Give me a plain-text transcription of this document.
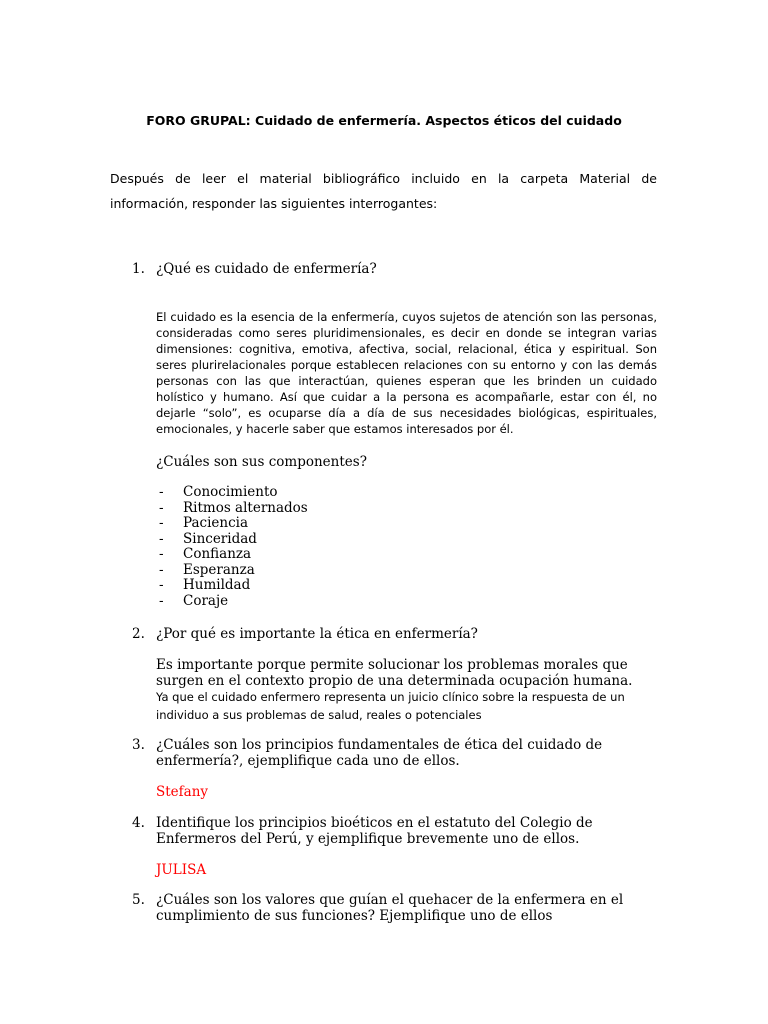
FORO GRUPAL: Cuidado de enfermería. Aspectos éticos del cuidado
Después de leer el material bibliográfico incluido en la carpeta Material de información, responder las siguientes interrogantes:
1. ¿Qué es cuidado de enfermería?
El cuidado es la esencia de la enfermería, cuyos sujetos de atención son las personas, consideradas como seres pluridimensionales, es decir en donde se integran varias dimensiones: cognitiva, emotiva, afectiva, social, relacional, ética y espiritual. Son seres plurirelacionales porque establecen relaciones con su entorno y con las demás personas con las que interactúan, quienes esperan que les brinden un cuidado holístico y humano. Así que cuidar a la persona es acompañarle, estar con él, no dejarle “solo”, es ocuparse día a día de sus necesidades biológicas, espirituales, emocionales, y hacerle saber que estamos interesados por él.
¿Cuáles son sus componentes?
- Conocimiento
- Ritmos alternados
- Paciencia
- Sinceridad
- Confianza
- Esperanza
- Humildad
- Coraje
2. ¿Por qué es importante la ética en enfermería?
Es importante porque permite solucionar los problemas morales que
surgen en el contexto propio de una determinada ocupación humana.
Ya que el cuidado enfermero representa un juicio clínico sobre la respuesta de un individuo a sus problemas de salud, reales o potenciales
3. ¿Cuáles son los principios fundamentales de ética del cuidado de enfermería?, ejemplifique cada uno de ellos.
Stefany
4. Identifique los principios bioéticos en el estatuto del Colegio de Enfermeros del Perú, y ejemplifique brevemente uno de ellos.
JULISA
5. ¿Cuáles son los valores que guían el quehacer de la enfermera en el cumplimiento de sus funciones? Ejemplifique uno de ellos
